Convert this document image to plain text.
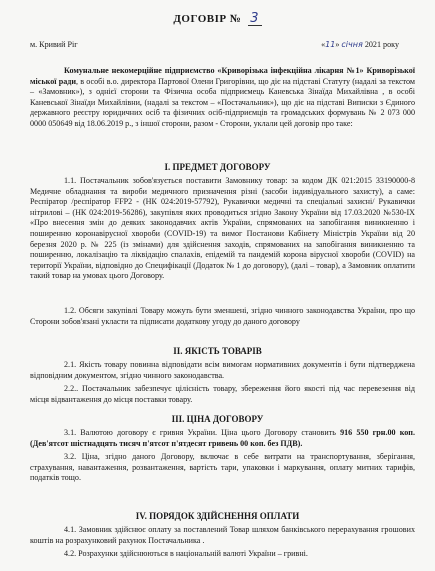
ДОГОВІР № 3
м. Кривий Ріг	«11» січня 2021 року
Комунальне некомерційне підприємство «Криворізька інфекційна лікарня №1» Криворізької міської ради, в особі в.о. директора Партової Олени Григорівни, що діє на підставі Статуту (надалі за текстом – «Замовник»), з однієї сторони та Фізична особа підприємець Каневська Зінаїда Михайлівна , в особі Каневської Зінаїди Михайлівни, (надалі за текстом – «Постачальник»), що діє на підставі Виписки з Єдиного державного реєстру юридичних осіб та фізичних осіб-підприємців та громадських формувань № 2 073 000 0000 050649 від 18.06.2019 р., з іншої сторони, разом - Сторони, уклали цей договір про таке:
І. ПРЕДМЕТ ДОГОВОРУ
1.1. Постачальник зобов'язується поставити Замовнику товар: за кодом ДК 021:2015 33190000-8 Медичне обладнання та вироби медичного призначення різні (засоби індивідуального захисту), а саме: Респіратор /респіратор FFP2 - (НК 024:2019-57792), Рукавички медичні та спеціальні захисні/ Рукавички нітрилові – (НК 024:2019-56286), закупівля яких проводиться згідно Закону України від 17.03.2020 №530-IX «Про внесення змін до деяких законодавчих актів України, спрямованих на запобігання виникненню і поширенню коронавірусної хвороби (COVID-19) та вимог Постанови Кабінету Міністрів України від 20 березня 2020 р. № 225 (із змінами) для здійснення заходів, спрямованих на запобігання виникненню та поширенню, локалізацію та ліквідацію спалахів, епідемій та пандемій корона вірусної хвороби (COVID) на території України, відповідно до Специфікації (Додаток № 1 до договору), (далі – товар), а Замовник оплатити такий товар на умовах цього Договору.
1.2. Обсяги закупівлі Товару можуть бути зменшені, згідно чинного законодавства України, про що Сторони зобов'язані укласти та підписати додаткову угоду до даного договору
ІІ. ЯКІСТЬ ТОВАРІВ
2.1. Якість товару повинна відповідати всім вимогам нормативних документів і бути підтверджена відповідним документом, згідно чинного законодавства.
2.2.. Постачальник забезпечує цілісність товару, збереження його якості під час перевезення від місця відвантаження до місця поставки товару.
ІІІ. ЦІНА ДОГОВОРУ
3.1. Валютою договору є гривня України. Ціна цього Договору становить 916 550 грн.00 коп. (Дев'ятсот шістнадцять тисяч п'ятсот п'ятдесят гривень 00 коп. без ПДВ).
3.2. Ціна, згідно даного Договору, включає в себе витрати на транспортування, зберігання, страхування, навантаження, розвантаження, вартість тари, упаковки і маркування, оплату митних тарифів, податків тощо.
IV. ПОРЯДОК ЗДІЙСНЕННЯ ОПЛАТИ
4.1. Замовник здійснює оплату за поставлений Товар шляхом банківського перерахування грошових коштів на розрахунковий рахунок Постачальника .
4.2. Розрахунки здійснюються в національній валюті України – гривні.
